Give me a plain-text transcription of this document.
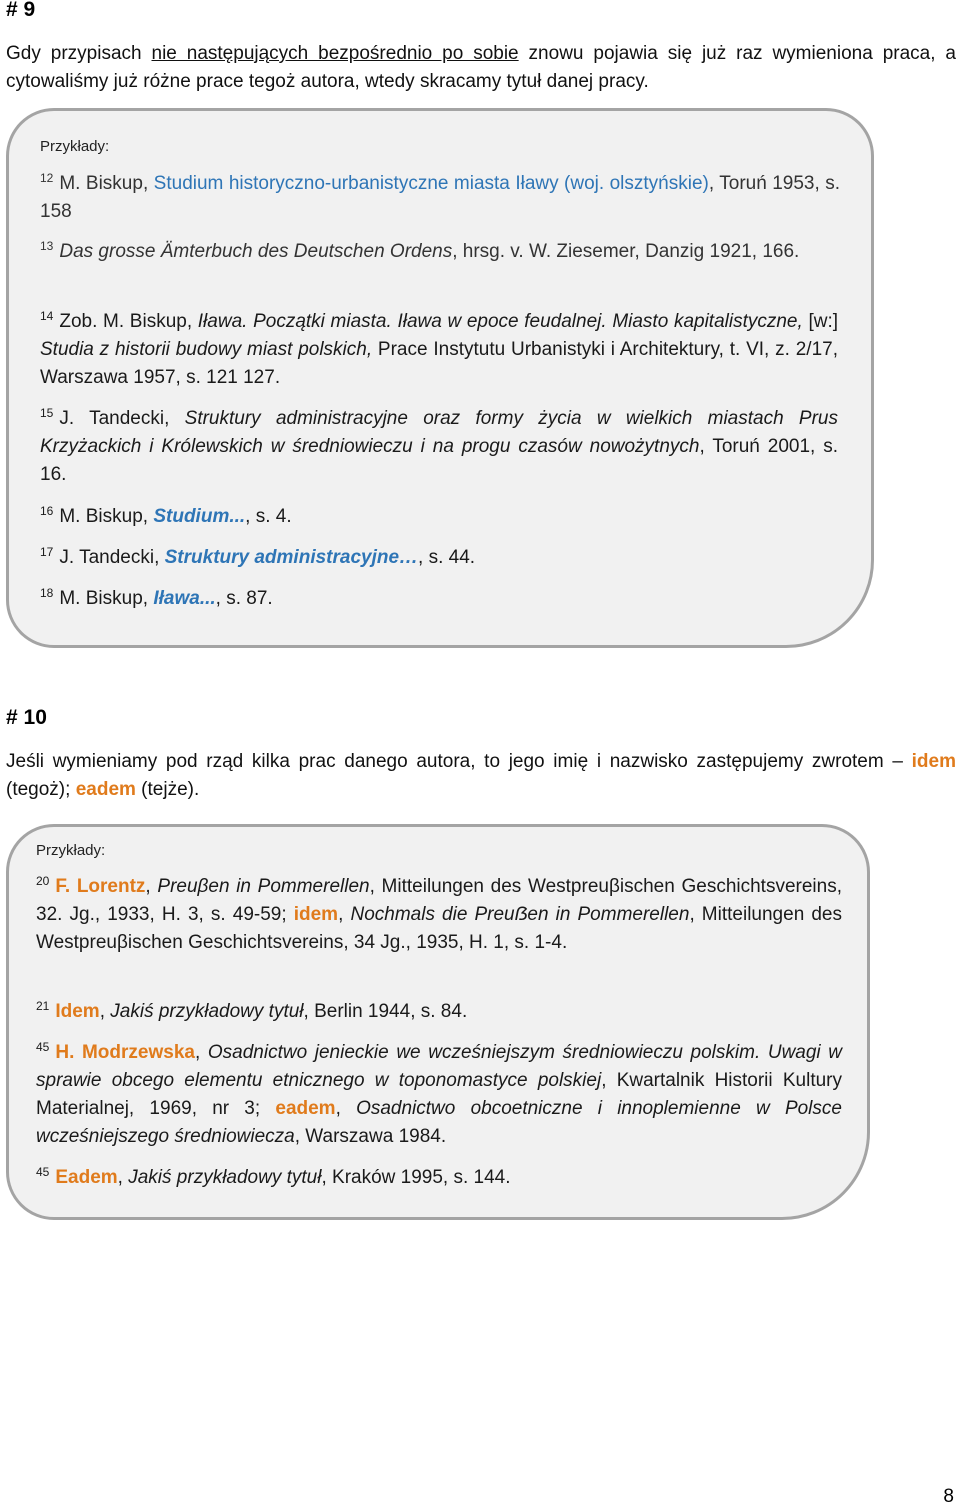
# 9

Gdy przypisach nie następujących bezpośrednio po sobie znowu pojawia się już raz wymieniona praca, a cytowaliśmy już różne prace tegoż autora, wtedy skracamy tytuł danej pracy.

Przykłady:

$^{12}$ M. Biskup, Studium historyczno-urbanistyczne miasta Iławy (woj. olsztyńskie), Toruń 1953, s. 158

$^{13}$ Das grosse Ämterbuch des Deutschen Ordens, hrsg. v. W. Ziesemer, Danzig 1921, 166.

$^{14}$ Zob. M. Biskup, Iława. Początki miasta. Iława w epoce feudalnej. Miasto kapitalistyczne, [w:] Studia z historii budowy miast polskich, Prace Instytutu Urbanistyki i Architektury, t. VI, z. 2/17, Warszawa 1957, s. 121 127.

$^{15}$ J. Tandecki, Struktury administracyjne oraz formy życia w wielkich miastach Prus Krzyżackich i Królewskich w średniowieczu i na progu czasów nowożytnych, Toruń 2001, s. 16.

$^{16}$ M. Biskup, Studium..., s. 4.

$^{17}$ J. Tandecki, Struktury administracyjne…, s. 44.

$^{18}$ M. Biskup, Iława..., s. 87.

# 10

Jeśli wymieniamy pod rząd kilka prac danego autora, to jego imię i nazwisko zastępujemy zwrotem – idem (tegoż); eadem (tejże).

Przykłady:

$^{20}$ F. Lorentz, Preuβen in Pommerellen, Mitteilungen des Westpreuβischen Geschichtsvereins, 32. Jg., 1933, H. 3, s. 49-59; idem, Nochmals die Preuẞen in Pommerellen, Mitteilungen des Westpreuβischen Geschichtsvereins, 34 Jg., 1935, H. 1, s. 1-4.

$^{21}$ Idem, Jakiś przykładowy tytuł, Berlin 1944, s. 84.

$^{45}$ H. Modrzewska, Osadnictwo jenieckie we wcześniejszym średniowieczu polskim. Uwagi w sprawie obcego elementu etnicznego w toponomastyce polskiej, Kwartalnik Historii Kultury Materialnej, 1969, nr 3; eadem, Osadnictwo obcoetniczne i innoplemienne w Polsce wcześniejszego średniowiecza, Warszawa 1984.

$^{45}$ Eadem, Jakiś przykładowy tytuł, Kraków 1995, s. 144.

8
